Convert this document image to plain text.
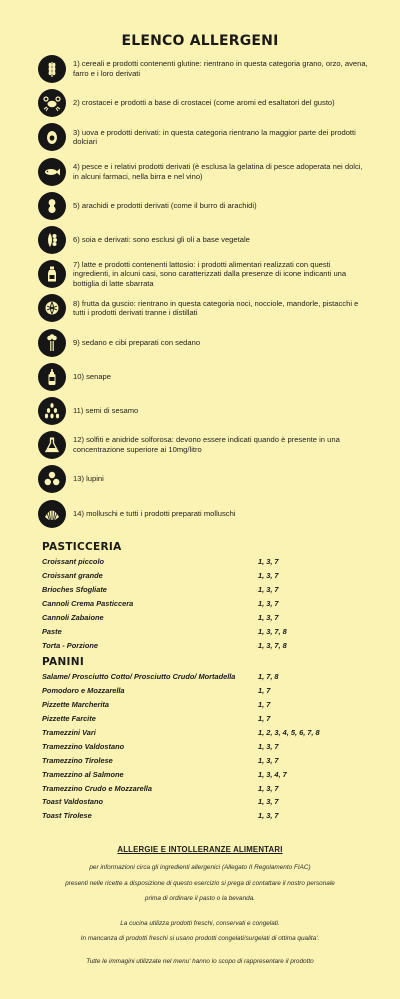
ELENCO ALLERGENI
1) cereali e prodotti contenenti glutine: rientrano in questa categoria grano, orzo, avena, farro e i loro derivati
2) crostacei e prodotti a base di crostacei (come aromi ed esaltatori del gusto)
3) uova e prodotti derivati: in questa categoria rientrano la maggior parte dei prodotti dolciari
4) pesce e i relativi prodotti derivati (è esclusa la gelatina di pesce adoperata nei dolci, in alcuni farmaci, nella birra e nel vino)
5) arachidi e prodotti derivati (come il burro di arachidi)
6) soia e derivati: sono esclusi gli oli a base vegetale
7) latte e prodotti contenenti lattosio: i prodotti alimentari realizzati con questi ingredienti, in alcuni casi, sono caratterizzati dalla presenze di icone indicanti una bottiglia di latte sbarrata
8) frutta da guscio: rientrano in questa categoria noci, nocciole, mandorle, pistacchi e tutti i prodotti derivati tranne i distillati
9) sedano e cibi preparati con sedano
10) senape
11) semi di sesamo
12) solfiti e anidride solforosa: devono essere indicati quando è presente in una concentrazione superiore ai 10mg/litro
13) lupini
14) molluschi e tutti i prodotti preparati molluschi
PASTICCERIA
Croissant piccolo	1, 3, 7
Croissant grande	1, 3, 7
Brioches Sfogliate	1, 3, 7
Cannoli Crema Pasticcera	1, 3, 7
Cannoli Zabaione	1, 3, 7
Paste	1, 3, 7, 8
Torta - Porzione	1, 3, 7, 8
PANINI
Salame/ Prosciutto Cotto/ Prosciutto Crudo/ Mortadella	1, 7, 8
Pomodoro e Mozzarella	1, 7
Pizzette Marcherita	1, 7
Pizzette Farcite	1, 7
Tramezzini Vari	1, 2, 3, 4, 5, 6, 7, 8
Tramezzino Valdostano	1, 3, 7
Tramezzino Tirolese	1, 3, 7
Tramezzino al Salmone	1, 3, 4, 7
Tramezzino Crudo e Mozzarella	1, 3, 7
Toast Valdostano	1, 3, 7
Toast Tirolese	1, 3, 7
ALLERGIE E INTOLLERANZE ALIMENTARI
per informazioni circa gli ingredienti allergenici (Allegato II Regolamento FIAC)
presenti nelle ricette a disposizione di questo esercizio si prega di contattare il nostro personale
prima di ordinare il pasto o la bevanda.
La cucina utilizza prodotti freschi, conservati e congelati.
In mancanza di prodotti freschi si usano prodotti congelati/surgelati di ottima qualita'.
Tutte le immagini utilizzate nel menu' hanno lo scopo di rappresentare il prodotto
